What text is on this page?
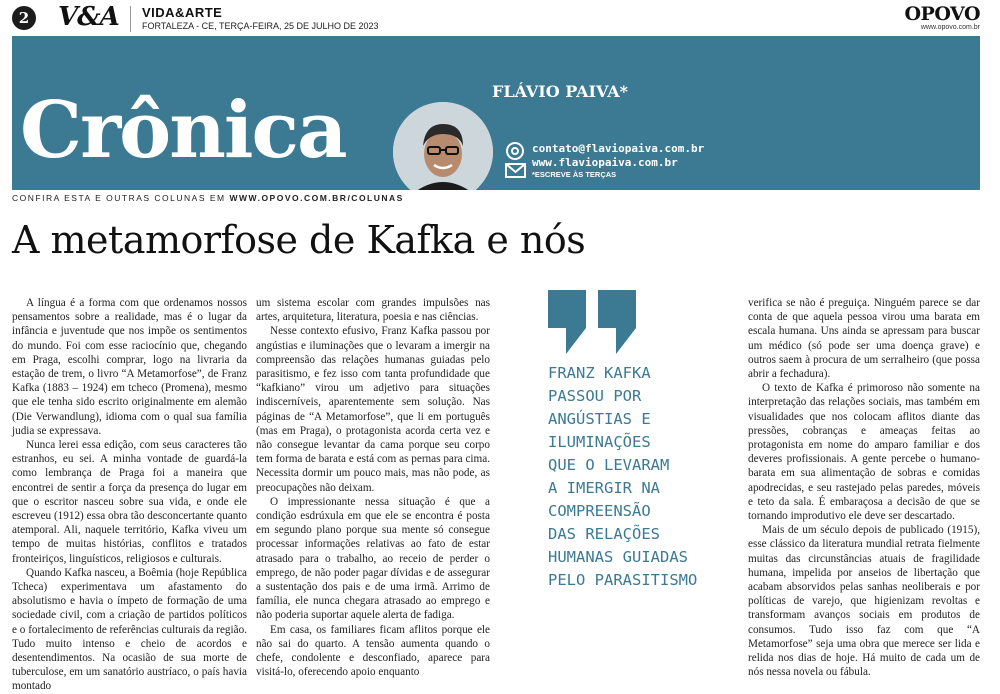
2 V&A VIDA&ARTE
FORTALEZA - CE, TERÇA-FEIRA, 25 DE JULHO DE 2023
OPOVO
www.opovo.com.br
Crônica	FLÁVIO PAIVA*
contato@flaviopaiva.com.br
www.flaviopaiva.com.br
*ESCREVE ÀS TERÇAS
CONFIRA ESTA E OUTRAS COLUNAS EM WWW.OPOVO.COM.BR/COLUNAS
A metamorfose de Kafka e nós

A língua é a forma com que ordenamos nossos pensamentos sobre a realidade, mas é o lugar da infância e juventude que nos impõe os sentimentos do mundo. Foi com esse raciocínio que, chegando em Praga, escolhi comprar, logo na livraria da estação de trem, o livro “A Metamorfose”, de Franz Kafka (1883 – 1924) em tcheco (Promena), mesmo que ele tenha sido escrito originalmente em alemão (Die Verwandlung), idioma com o qual sua família judia se expressava.

Nunca lerei essa edição, com seus caracteres tão estranhos, eu sei. A minha vontade de guardá-la como lembrança de Praga foi a maneira que encontrei de sentir a força da presença do lugar em que o escritor nasceu sobre sua vida, e onde ele escreveu (1912) essa obra tão desconcertante quanto atemporal. Ali, naquele território, Kafka viveu um tempo de muitas histórias, conflitos e tratados fronteiriços, linguísticos, religiosos e culturais.

Quando Kafka nasceu, a Boêmia (hoje República Tcheca) experimentava um afastamento do absolutismo e havia o ímpeto de formação de uma sociedade civil, com a criação de partidos políticos e o fortalecimento de referências culturais da região. Tudo muito intenso e cheio de acordos e desentendimentos. Na ocasião de sua morte de tuberculose, em um sanatório austríaco, o país havia montado

um sistema escolar com grandes impulsões nas artes, arquitetura, literatura, poesia e nas ciências.

Nesse contexto efusivo, Franz Kafka passou por angústias e iluminações que o levaram a imergir na compreensão das relações humanas guiadas pelo parasitismo, e fez isso com tanta profundidade que “kafkiano” virou um adjetivo para situações indiscerníveis, aparentemente sem solução. Nas páginas de “A Metamorfose”, que li em português (mas em Praga), o protagonista acorda certa vez e não consegue levantar da cama porque seu corpo tem forma de barata e está com as pernas para cima. Necessita dormir um pouco mais, mas não pode, as preocupações não deixam.

O impressionante nessa situação é que a condição esdrúxula em que ele se encontra é posta em segundo plano porque sua mente só consegue processar informações relativas ao fato de estar atrasado para o trabalho, ao receio de perder o emprego, de não poder pagar dívidas e de assegurar a sustentação dos pais e de uma irmã. Arrimo de família, ele nunca chegara atrasado ao emprego e não poderia suportar aquele alerta de fadiga.

Em casa, os familiares ficam aflitos porque ele não sai do quarto. A tensão aumenta quando o chefe, condolente e desconfiado, aparece para visitá-lo, oferecendo apoio enquanto

FRANZ KAFKA
PASSOU POR
ANGÚSTIAS E
ILUMINAÇÕES
QUE O LEVARAM
A IMERGIR NA
COMPREENSÃO
DAS RELAÇÕES
HUMANAS GUIADAS
PELO PARASITISMO

verifica se não é preguiça. Ninguém parece se dar conta de que aquela pessoa virou uma barata em escala humana. Uns ainda se apressam para buscar um médico (só pode ser uma doença grave) e outros saem à procura de um serralheiro (que possa abrir a fechadura).

O texto de Kafka é primoroso não somente na interpretação das relações sociais, mas também em visualidades que nos colocam aflitos diante das pressões, cobranças e ameaças feitas ao protagonista em nome do amparo familiar e dos deveres profissionais. A gente percebe o humano-barata em sua alimentação de sobras e comidas apodrecidas, e seu rastejado pelas paredes, móveis e teto da sala. É embaraçosa a decisão de que se tornando improdutivo ele deve ser descartado.

Mais de um século depois de publicado (1915), esse clássico da literatura mundial retrata fielmente muitas das circunstâncias atuais de fragilidade humana, impelida por anseios de libertação que acabam absorvidos pelas sanhas neoliberais e por políticas de varejo, que higienizam revoltas e transformam avanços sociais em produtos de consumos. Tudo isso faz com que “A Metamorfose” seja uma obra que merece ser lida e relida nos dias de hoje. Há muito de cada um de nós nessa novela ou fábula.
